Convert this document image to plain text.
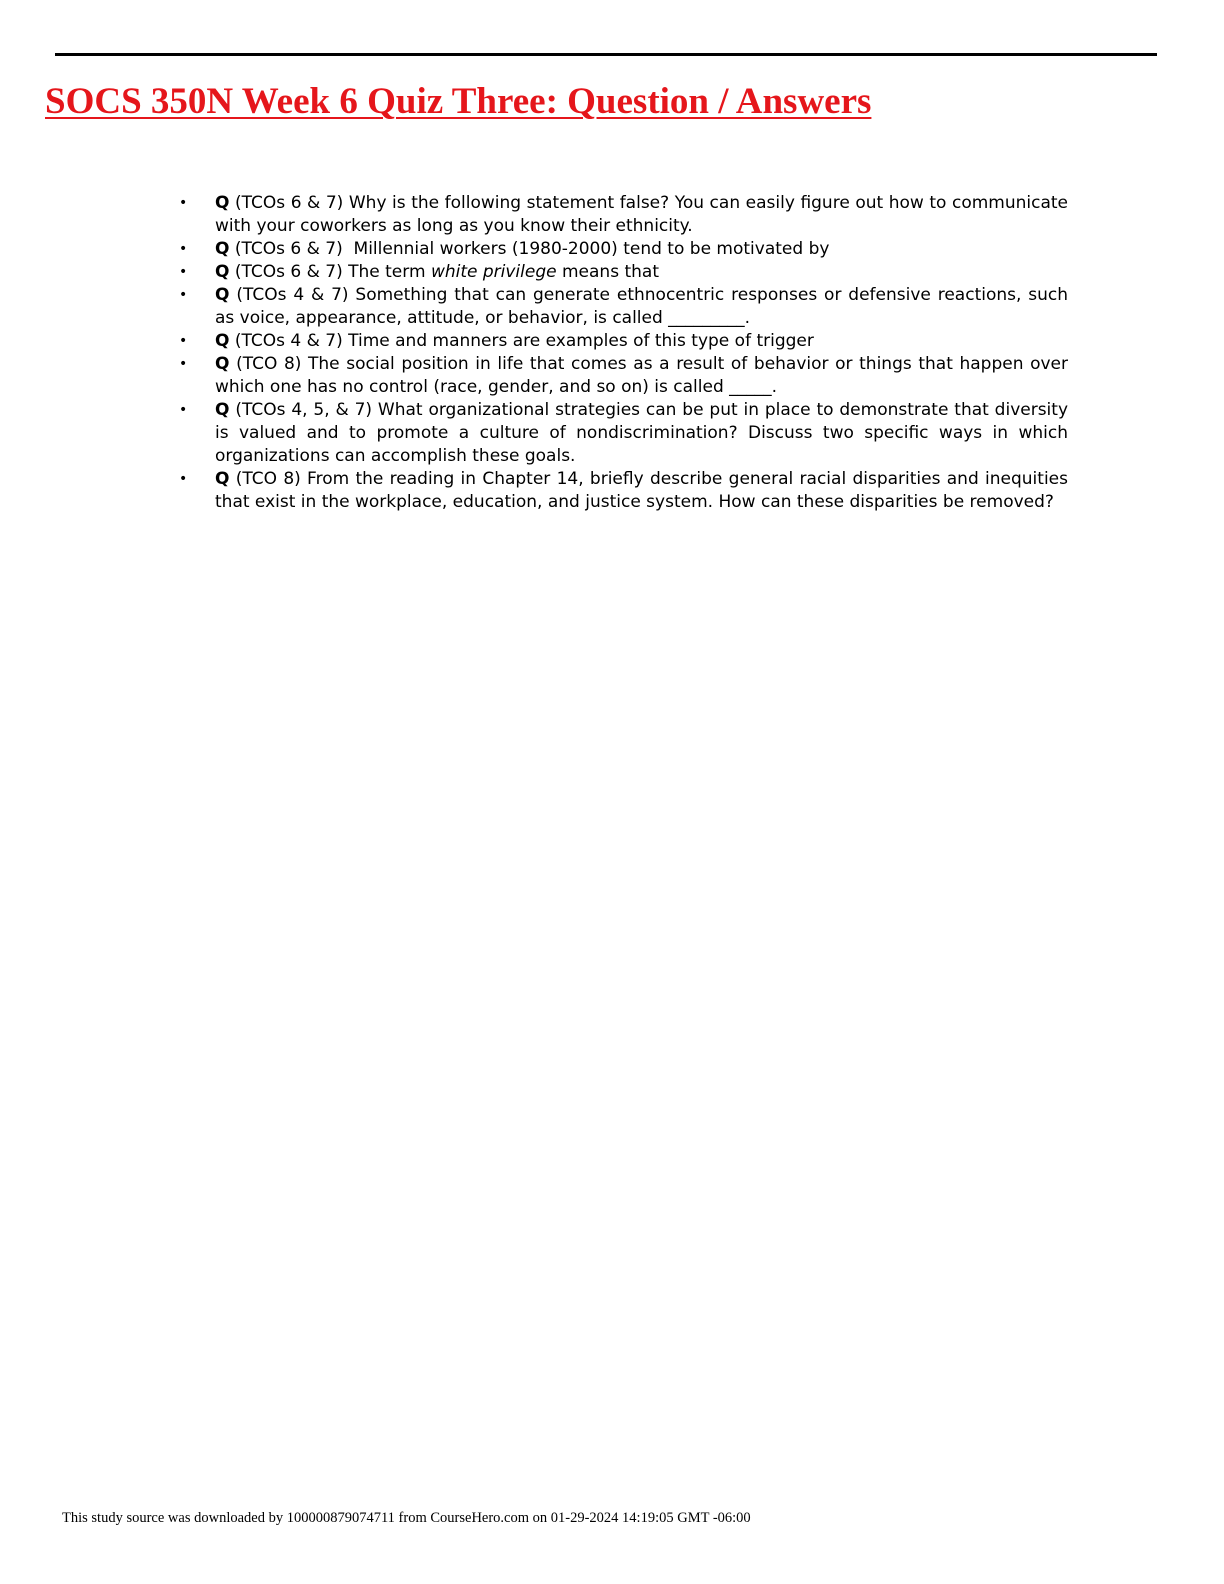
SOCS 350N Week 6 Quiz Three: Question / Answers
• Q (TCOs 6 & 7) Why is the following statement false? You can easily figure out how to communicate with your coworkers as long as you know their ethnicity.
• Q (TCOs 6 & 7)  Millennial workers (1980-2000) tend to be motivated by
• Q (TCOs 6 & 7) The term white privilege means that
• Q (TCOs 4 & 7) Something that can generate ethnocentric responses or defensive reactions, such as voice, appearance, attitude, or behavior, is called _________.
• Q (TCOs 4 & 7) Time and manners are examples of this type of trigger
• Q (TCO 8) The social position in life that comes as a result of behavior or things that happen over which one has no control (race, gender, and so on) is called _____.
• Q (TCOs 4, 5, & 7) What organizational strategies can be put in place to demonstrate that diversity is valued and to promote a culture of nondiscrimination? Discuss two specific ways in which organizations can accomplish these goals.
• Q (TCO 8) From the reading in Chapter 14, briefly describe general racial disparities and inequities that exist in the workplace, education, and justice system. How can these disparities be removed?
This study source was downloaded by 100000879074711 from CourseHero.com on 01-29-2024 14:19:05 GMT -06:00
